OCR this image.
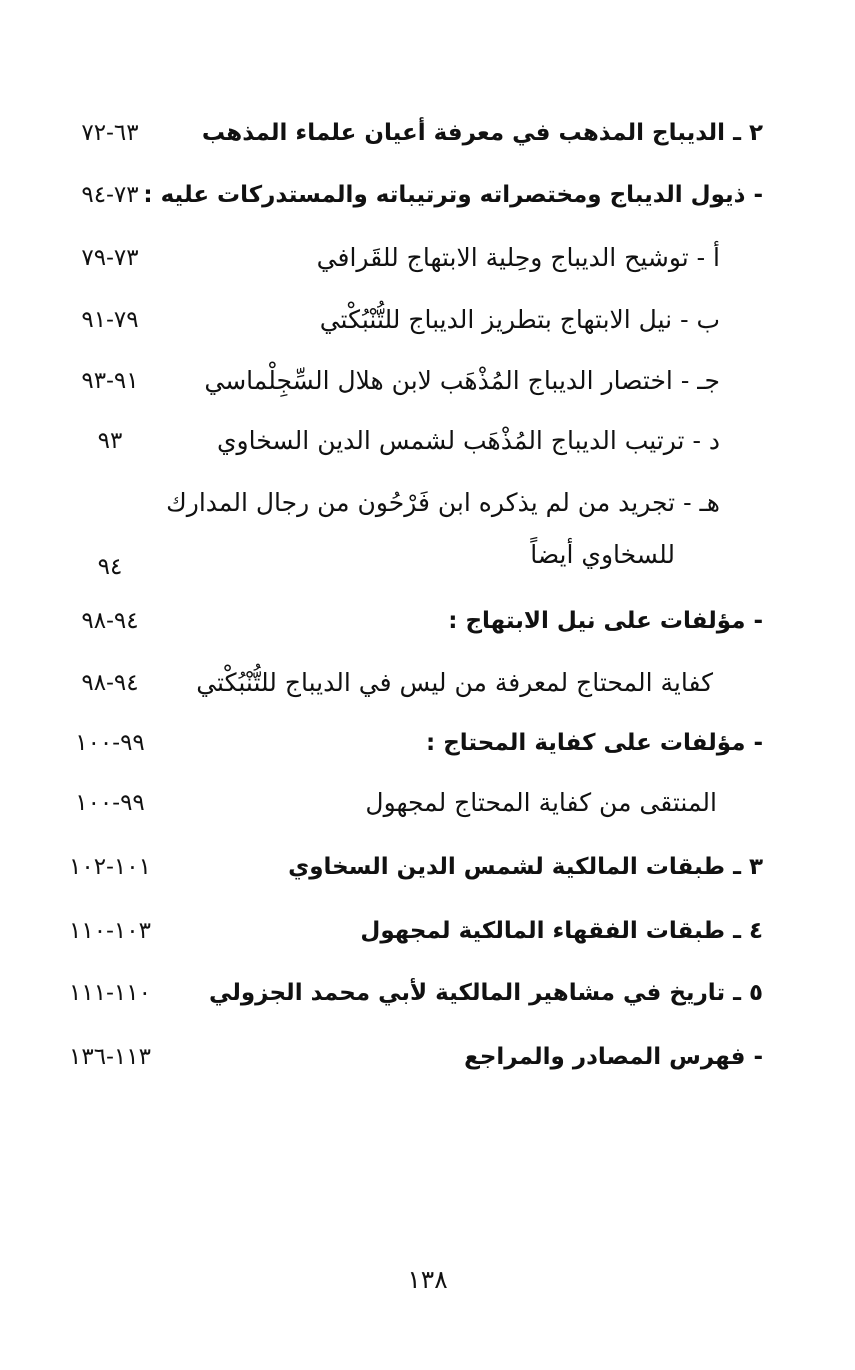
٢ ـ الديباج المذهب في معرفة أعيان علماء المذهب
٦٣-٧٢
- ذيول الديباج ومختصراته وترتيباته والمستدركات عليه :
٧٣-٩٤
أ - توشيح الديباج وحِلية الابتهاج للقَرافي
٧٣-٧٩
ب - نيل الابتهاج بتطريز الديباج للتُّنْبُكْتي
٧٩-٩١
جـ - اختصار الديباج المُذْهَب لابن هلال السِّجِلْماسي
٩١-٩٣
د - ترتيب الديباج المُذْهَب لشمس الدين السخاوي
٩٣
هـ - تجريد من لم يذكره ابن فَرْحُون من رجال المدارك
للسخاوي أيضاً
٩٤
- مؤلفات على نيل الابتهاج :
٩٤-٩٨
كفاية المحتاج لمعرفة من ليس في الديباج للتُّنْبُكْتي
٩٤-٩٨
- مؤلفات على كفاية المحتاج :
٩٩-١٠٠
المنتقى من كفاية المحتاج لمجهول
٩٩-١٠٠
٣ ـ طبقات المالكية لشمس الدين السخاوي
١٠١-١٠٢
٤ ـ طبقات الفقهاء المالكية لمجهول
١٠٣-١١٠
٥ ـ تاريخ في مشاهير المالكية لأبي محمد الجزولي
١١٠-١١١
- فهرس المصادر والمراجع
١١٣-١٣٦
١٣٨
